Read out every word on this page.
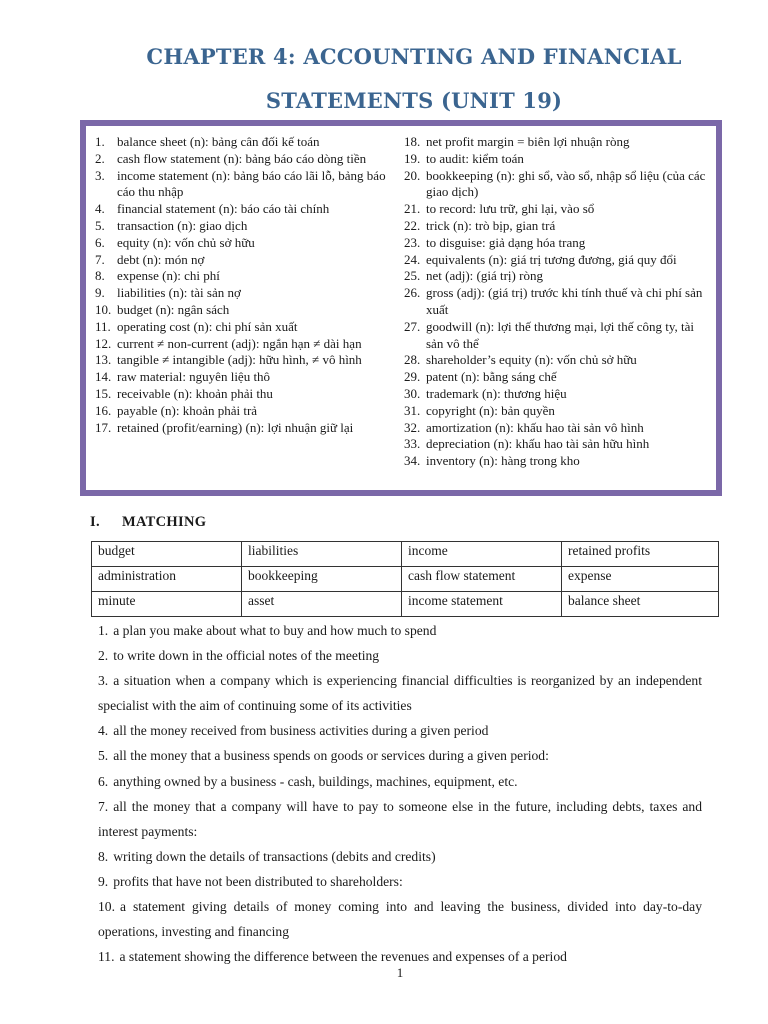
CHAPTER 4: ACCOUNTING AND FINANCIAL
STATEMENTS (UNIT 19)
1. balance sheet (n): bảng cân đối kế toán
2. cash flow statement (n): bảng báo cáo dòng tiền
3. income statement (n): bảng báo cáo lãi lỗ, bảng báo cáo thu nhập
4. financial statement (n): báo cáo tài chính
5. transaction (n): giao dịch
6. equity (n): vốn chủ sở hữu
7. debt (n): món nợ
8. expense (n): chi phí
9. liabilities (n): tài sản nợ
10. budget (n): ngân sách
11. operating cost (n): chi phí sản xuất
12. current ≠ non-current (adj): ngắn hạn ≠ dài hạn
13. tangible ≠ intangible (adj): hữu hình, ≠ vô hình
14. raw material: nguyên liệu thô
15. receivable (n): khoản phải thu
16. payable (n): khoản phải trả
17. retained (profit/earning) (n): lợi nhuận giữ lại
18. net profit margin = biên lợi nhuận ròng
19. to audit: kiểm toán
20. bookkeeping (n): ghi sổ, vào sổ, nhập sổ liệu (của các giao dịch)
21. to record: lưu trữ, ghi lại, vào sổ
22. trick (n): trò bịp, gian trá
23. to disguise: giả dạng hóa trang
24. equivalents (n): giá trị tương đương, giá quy đổi
25. net (adj): (giá trị) ròng
26. gross (adj): (giá trị) trước khi tính thuế và chi phí sản xuất
27. goodwill (n): lợi thế thương mại, lợi thế công ty, tài sản vô thể
28. shareholder’s equity (n): vốn chủ sở hữu
29. patent (n): bằng sáng chế
30. trademark (n): thương hiệu
31. copyright (n): bản quyền
32. amortization (n): khấu hao tài sản vô hình
33. depreciation (n): khấu hao tài sản hữu hình
34. inventory (n): hàng trong kho
I. MATCHING
budget	liabilities	income	retained profits
administration	bookkeeping	cash flow statement	expense
minute	asset	income statement	balance sheet

1. a plan you make about what to buy and how much to spend

2. to write down in the official notes of the meeting

3. a situation when a company which is experiencing financial difficulties is reorganized by an independent specialist with the aim of continuing some of its activities

4. all the money received from business activities during a given period

5. all the money that a business spends on goods or services during a given period:

6. anything owned by a business - cash, buildings, machines, equipment, etc.

7. all the money that a company will have to pay to someone else in the future, including debts, taxes and interest payments:

8. writing down the details of transactions (debits and credits)

9. profits that have not been distributed to shareholders:

10. a statement giving details of money coming into and leaving the business, divided into day-to-day operations, investing and financing

11. a statement showing the difference between the revenues and expenses of a period

1
